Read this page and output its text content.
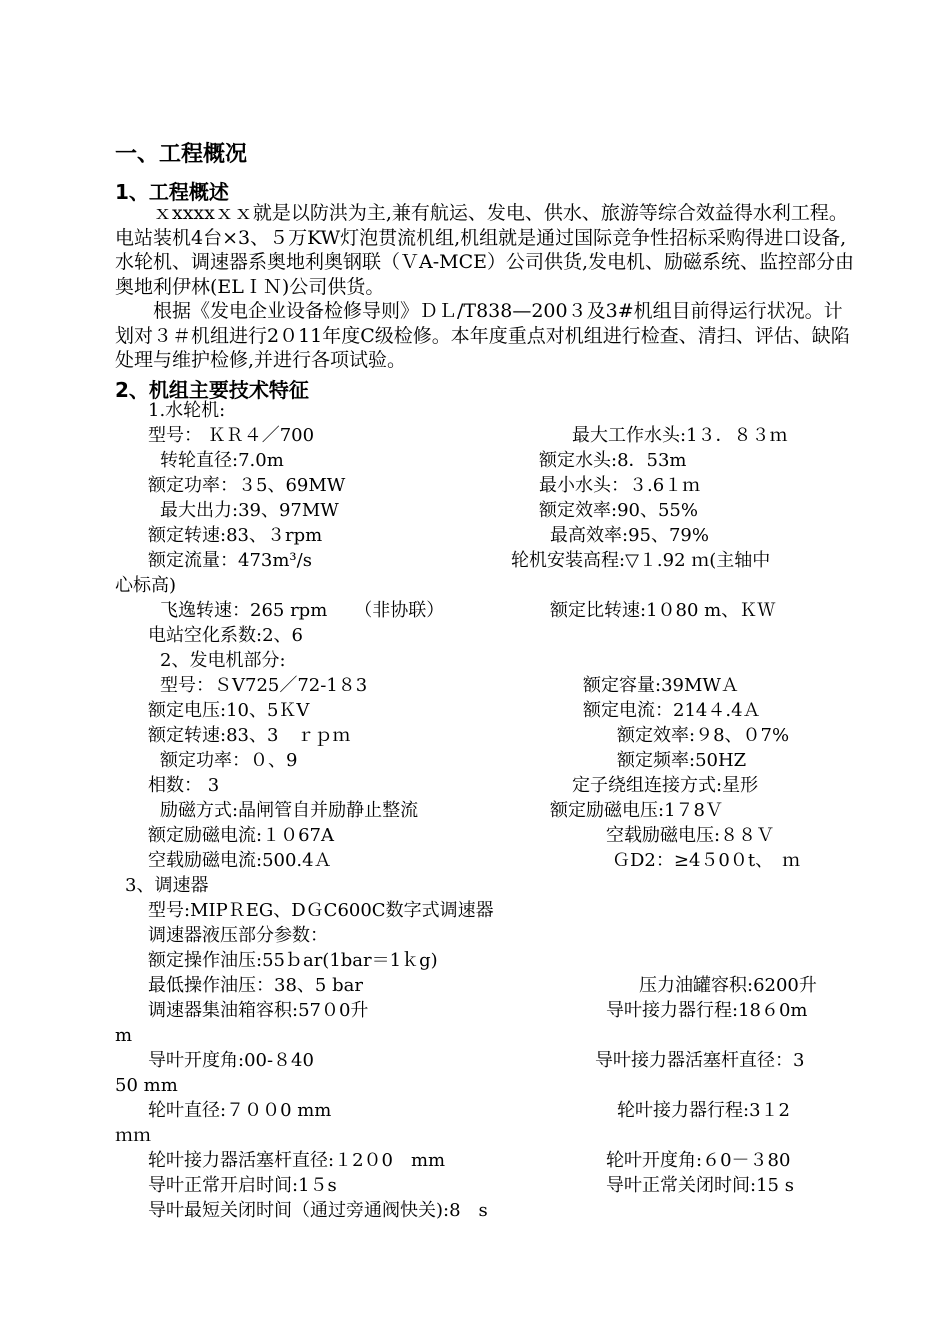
一、工程概况
1、工程概述

ｘxxxxｘｘ就是以防洪为主,兼有航运、发电、供水、旅游等综合效益得水利工程。电站装机4台×3、５万KW灯泡贯流机组,机组就是通过国际竞争性招标采购得进口设备,水轮机、调速器系奥地利奥钢联（ＶA-MCE）公司供货,发电机、励磁系统、监控部分由奥地利伊林(ELＩＮ)公司供货。

根据《发电企业设备检修导则》ＤＬ/T838—200３及3#机组目前得运行状况。计划对３＃机组进行2０11年度C级检修。本年度重点对机组进行检查、清扫、评估、缺陷处理与维护检修,并进行各项试验。

2、机组主要技术特征
1.水轮机:
型号： ＫＲ４／700	最大工作水头:1３．８３ｍ
转轮直径:7.0m	额定水头:8．53m
额定功率：３5、69MW	最小水头：３.6１ｍ
最大出力:39、97MW	额定效率:90、55%
额定转速:83、３rpm	最高效率:95、79%
额定流量：473m³/s	轮机安装高程:▽１.92 ｍ(主轴中
心标高)
飞逸转速：265 rpm　　（非协联）	额定比转速:1０80 m、ＫＷ
电站空化系数:2、6
2、发电机部分:
型号：ＳV725／72-1８3	额定容量:39MWＡ
额定电压:10、5ＫV	额定电流：214４.4Ａ
额定转速:83、3　ｒｐｍ	额定效率:９8、０7%
额定功率：０、9	额定频率:50HZ
相数： 3	定子绕组连接方式:星形
励磁方式:晶闸管自并励静止整流	额定励磁电压:1７8Ｖ
额定励磁电流:１０67A	空载励磁电压:８８Ｖ
空载励磁电流:500.4Ａ	ＧD2：≥4５0０t、　ｍ
3、调速器
型号:MIPＲEG、DＧC600C数字式调速器
调速器液压部分参数：
额定操作油压:55ｂar(1bar＝1ｋg)
最低操作油压：38、5 bar	压力油罐容积:6200升
调速器集油箱容积:57０0升	导叶接力器行程:18６0m
m
导叶开度角:00-８40	导叶接力器活塞杆直径：3
50 mm
轮叶直径:７００0 mm	轮叶接力器行程:3１2
ｍｍ
轮叶接力器活塞杆直径:１2０0　mm	轮叶开度角:６0－３80
导叶正常开启时间:1５s	导叶正常关闭时间:15 s
导叶最短关闭时间（通过旁通阀快关):8　s
